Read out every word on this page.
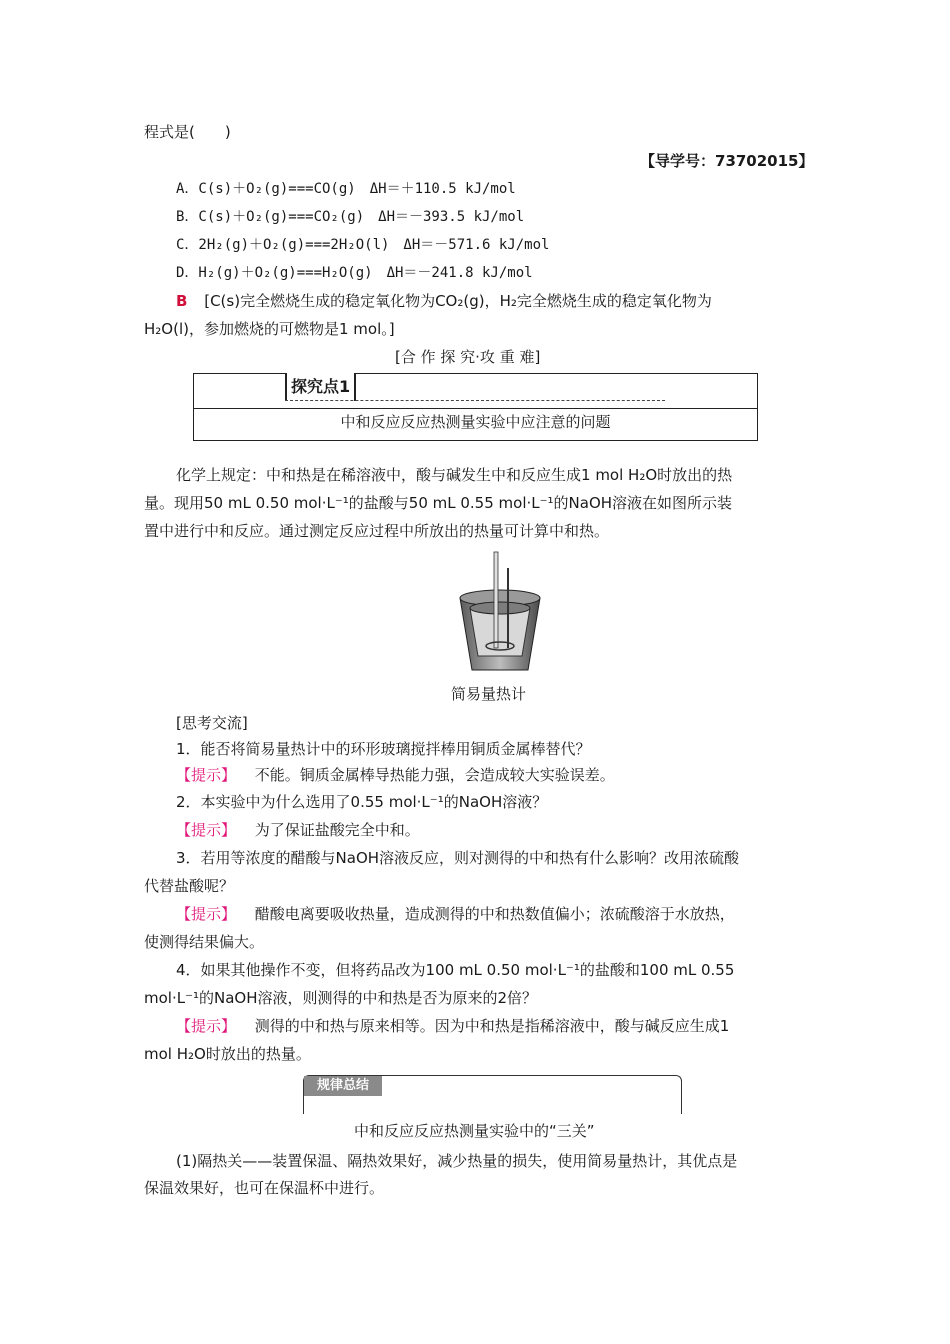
程式是(　　)
【导学号：73702015】
A．C(s)＋O₂(g)===CO(g)　ΔH＝＋110.5 kJ/mol
B．C(s)＋O₂(g)===CO₂(g)　ΔH＝－393.5 kJ/mol
C．2H₂(g)＋O₂(g)===2H₂O(l)　ΔH＝－571.6 kJ/mol
D．H₂(g)＋O₂(g)===H₂O(g)　ΔH＝－241.8 kJ/mol
B [C(s)完全燃烧生成的稳定氧化物为CO₂(g)，H₂完全燃烧生成的稳定氧化物为
H₂O(l)，参加燃烧的可燃物是1 mol。]
[合 作 探 究·攻 重 难]
探究点1
中和反应反应热测量实验中应注意的问题
化学上规定：中和热是在稀溶液中，酸与碱发生中和反应生成1 mol H₂O时放出的热
量。现用50 mL 0.50 mol·L⁻¹的盐酸与50 mL 0.55 mol·L⁻¹的NaOH溶液在如图所示装
置中进行中和反应。通过测定反应过程中所放出的热量可计算中和热。
简易量热计
[思考交流]
1．能否将简易量热计中的环形玻璃搅拌棒用铜质金属棒替代？
【提示】 不能。铜质金属棒导热能力强，会造成较大实验误差。
2．本实验中为什么选用了0.55 mol·L⁻¹的NaOH溶液？
【提示】 为了保证盐酸完全中和。
3．若用等浓度的醋酸与NaOH溶液反应，则对测得的中和热有什么影响？改用浓硫酸
代替盐酸呢？
【提示】 醋酸电离要吸收热量，造成测得的中和热数值偏小；浓硫酸溶于水放热，
使测得结果偏大。
4．如果其他操作不变，但将药品改为100 mL 0.50 mol·L⁻¹的盐酸和100 mL 0.55
mol·L⁻¹的NaOH溶液，则测得的中和热是否为原来的2倍？
【提示】 测得的中和热与原来相等。因为中和热是指稀溶液中，酸与碱反应生成1
mol H₂O时放出的热量。
规律总结
中和反应反应热测量实验中的“三关”
(1)隔热关——装置保温、隔热效果好，减少热量的损失，使用简易量热计，其优点是
保温效果好，也可在保温杯中进行。
